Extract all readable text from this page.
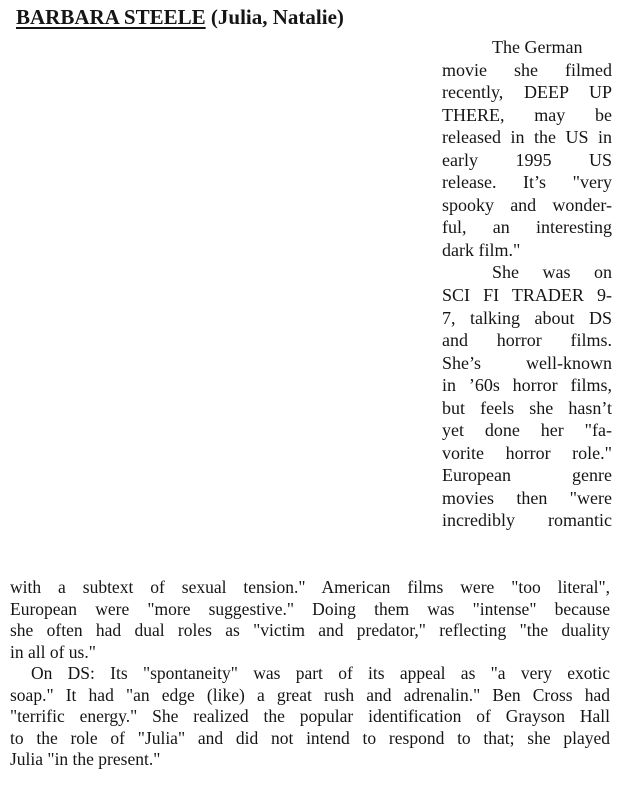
BARBARA STEELE (Julia, Natalie)
The German
movie she filmed
recently, DEEP UP
THERE, may be
released in the US in
early 1995 US
release. It’s "very
spooky and wonder-
ful, an interesting
dark film."
She was on
SCI FI TRADER 9-
7, talking about DS
and horror films.
She’s well-known
in ’60s horror films,
but feels she hasn’t
yet done her "fa-
vorite horror role."
European genre
movies then "were
incredibly romantic
with a subtext of sexual tension." American films were "too literal",
European were "more suggestive." Doing them was "intense" because
she often had dual roles as "victim and predator," reflecting "the duality
in all of us."
On DS: Its "spontaneity" was part of its appeal as "a very exotic
soap." It had "an edge (like) a great rush and adrenalin." Ben Cross had
"terrific energy." She realized the popular identification of Grayson Hall
to the role of "Julia" and did not intend to respond to that; she played
Julia "in the present."
